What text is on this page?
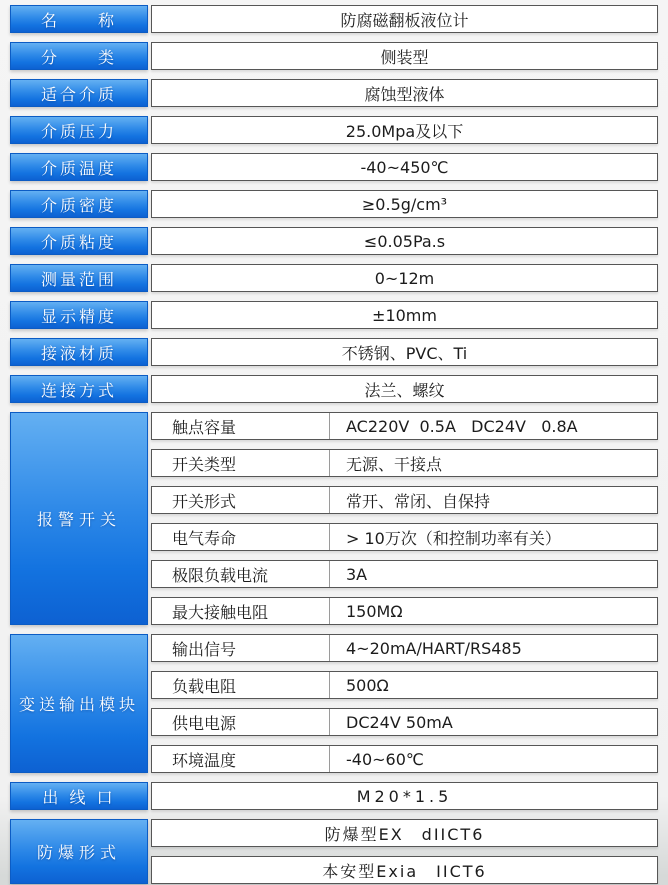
名　　称	防腐磁翻板液位计
分　　类	侧装型
适合介质	腐蚀型液体
介质压力	25.0Mpa及以下
介质温度	-40~450℃
介质密度	≥0.5g/cm³
介质粘度	≤0.05Pa.s
测量范围	0~12m
显示精度	±10mm
接液材质	不锈钢、PVC、Ti
连接方式	法兰、螺纹
报警开关
触点容量	AC220V  0.5A   DC24V   0.8A
开关类型	无源、干接点
开关形式	常开、常闭、自保持
电气寿命	> 10万次（和控制功率有关）
极限负载电流	3A
最大接触电阻	150MΩ
变送输出模块
输出信号	4~20mA/HART/RS485
负载电阻	500Ω
供电电源	DC24V 50mA
环境温度	-40~60℃
出 线 口	M20*1.5
防爆形式
防爆型EX　dIICT6
本安型Exia　IICT6
